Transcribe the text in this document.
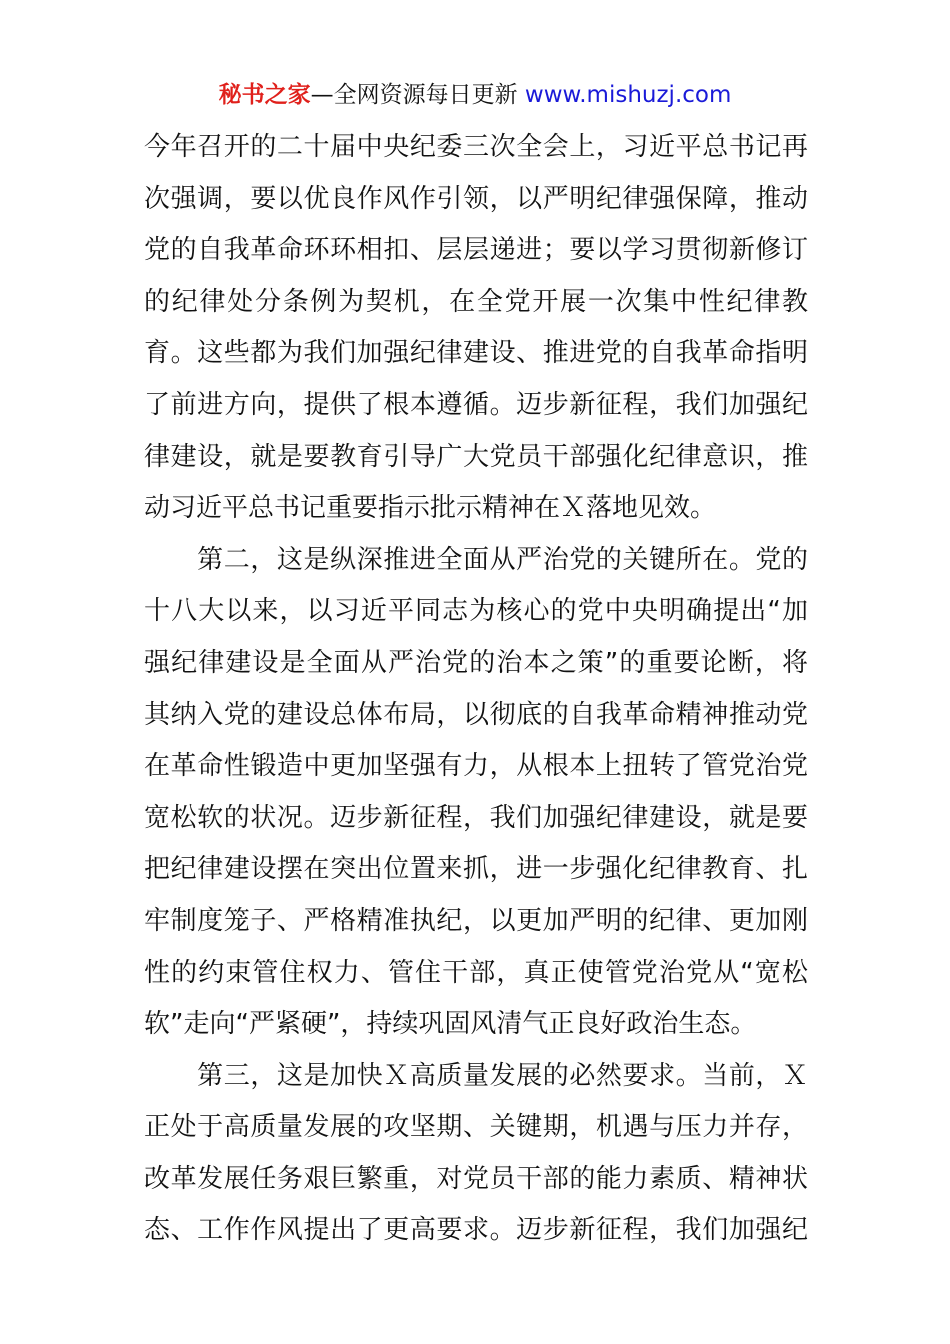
秘书之家—全网资源每日更新 www.mishuzj.com
今年召开的二十届中央纪委三次全会上，习近平总书记再
次强调，要以优良作风作引领，以严明纪律强保障，推动
党的自我革命环环相扣、层层递进；要以学习贯彻新修订
的纪律处分条例为契机，在全党开展一次集中性纪律教
育。这些都为我们加强纪律建设、推进党的自我革命指明
了前进方向，提供了根本遵循。迈步新征程，我们加强纪
律建设，就是要教育引导广大党员干部强化纪律意识，推
动习近平总书记重要指示批示精神在Ｘ落地见效。
　　第二，这是纵深推进全面从严治党的关键所在。党的
十八大以来，以习近平同志为核心的党中央明确提出“加
强纪律建设是全面从严治党的治本之策”的重要论断，将
其纳入党的建设总体布局，以彻底的自我革命精神推动党
在革命性锻造中更加坚强有力，从根本上扭转了管党治党
宽松软的状况。迈步新征程，我们加强纪律建设，就是要
把纪律建设摆在突出位置来抓，进一步强化纪律教育、扎
牢制度笼子、严格精准执纪，以更加严明的纪律、更加刚
性的约束管住权力、管住干部，真正使管党治党从“宽松
软”走向“严紧硬”，持续巩固风清气正良好政治生态。
　　第三，这是加快Ｘ高质量发展的必然要求。当前，Ｘ
正处于高质量发展的攻坚期、关键期，机遇与压力并存，
改革发展任务艰巨繁重，对党员干部的能力素质、精神状
态、工作作风提出了更高要求。迈步新征程，我们加强纪
